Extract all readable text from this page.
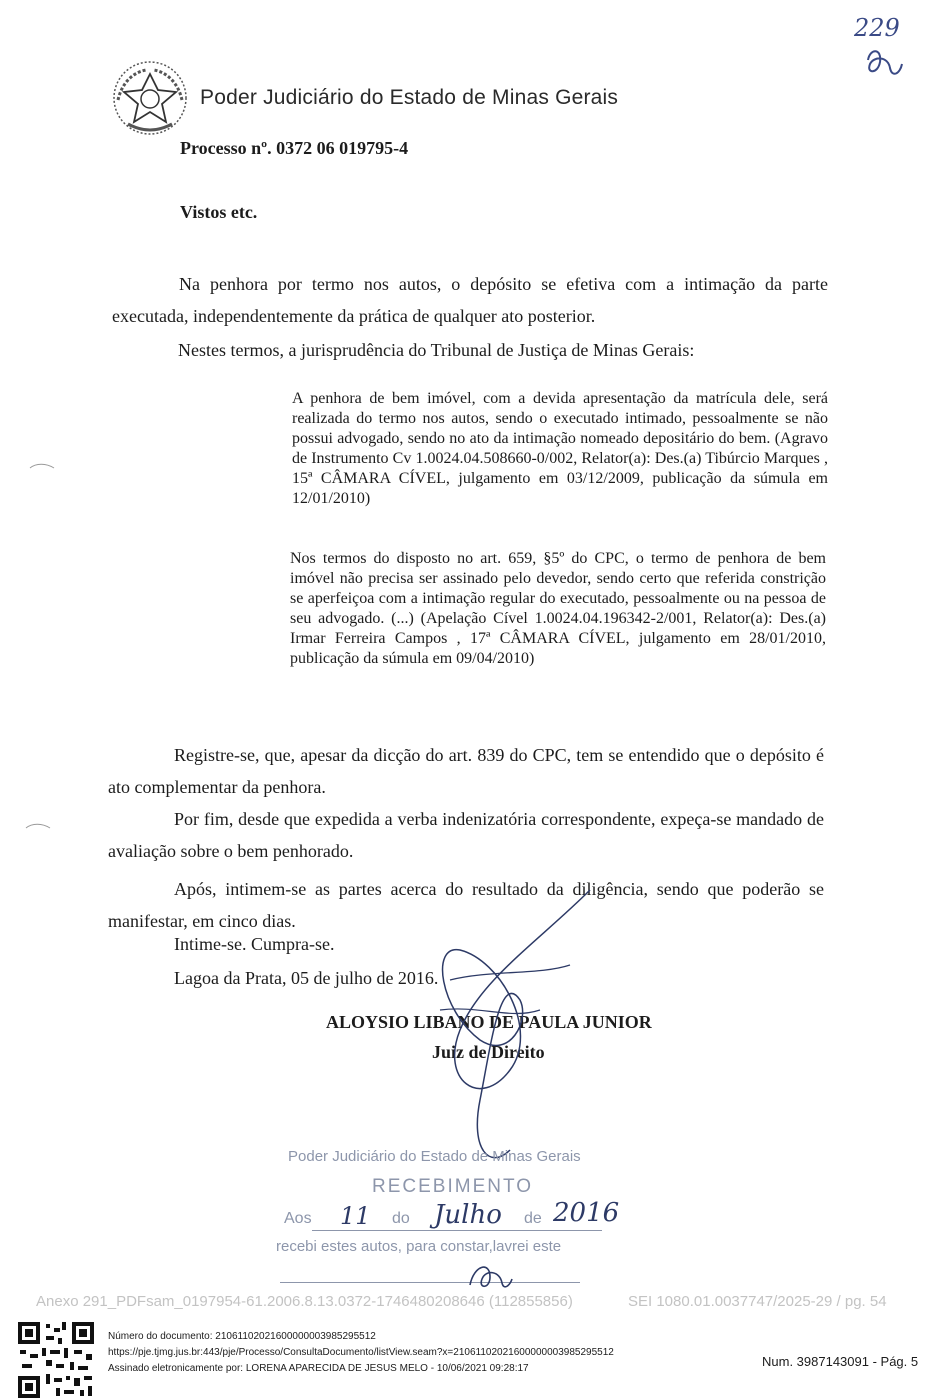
229
Poder Judiciário do Estado de Minas Gerais
Processo nº. 0372 06 019795-4
Vistos etc.
Na penhora por termo nos autos, o depósito se efetiva com a intimação da parte executada, independentemente da prática de qualquer ato posterior.
Nestes termos, a jurisprudência do Tribunal de Justiça de Minas Gerais:
A penhora de bem imóvel, com a devida apresentação da matrícula dele, será realizada do termo nos autos, sendo o executado intimado, pessoalmente se não possui advogado, sendo no ato da intimação nomeado depositário do bem. (Agravo de Instrumento Cv 1.0024.04.508660-0/002, Relator(a): Des.(a) Tibúrcio Marques , 15ª CÂMARA CÍVEL, julgamento em 03/12/2009, publicação da súmula em 12/01/2010)
Nos termos do disposto no art. 659, §5º do CPC, o termo de penhora de bem imóvel não precisa ser assinado pelo devedor, sendo certo que referida constrição se aperfeiçoa com a intimação regular do executado, pessoalmente ou na pessoa de seu advogado. (...) (Apelação Cível 1.0024.04.196342-2/001, Relator(a): Des.(a) Irmar Ferreira Campos , 17ª CÂMARA CÍVEL, julgamento em 28/01/2010, publicação da súmula em 09/04/2010)
Registre-se, que, apesar da dicção do art. 839 do CPC, tem se entendido que o depósito é ato complementar da penhora.
Por fim, desde que expedida a verba indenizatória correspondente, expeça-se mandado de avaliação sobre o bem penhorado.
Após, intimem-se as partes acerca do resultado da diligência, sendo que poderão se manifestar, em cinco dias.
Intime-se. Cumpra-se.
Lagoa da Prata, 05 de julho de 2016.
ALOYSIO LIBANO DE PAULA JUNIOR
Juiz de Direito
Poder Judiciário do Estado de Minas Gerais
RECEBIMENTO
Aos 11 do Julho de 2016
recebi estes autos, para constar,lavrei este
Anexo 291_PDFsam_0197954-61.2006.8.13.0372-1746480208646 (112855856)	SEI 1080.01.0037747/2025-29 / pg. 54
Número do documento: 21061102021600000003985295512
https://pje.tjmg.jus.br:443/pje/Processo/ConsultaDocumento/listView.seam?x=21061102021600000003985295512
Assinado eletronicamente por: LORENA APARECIDA DE JESUS MELO - 10/06/2021 09:28:17	Num. 3987143091 - Pág. 5
